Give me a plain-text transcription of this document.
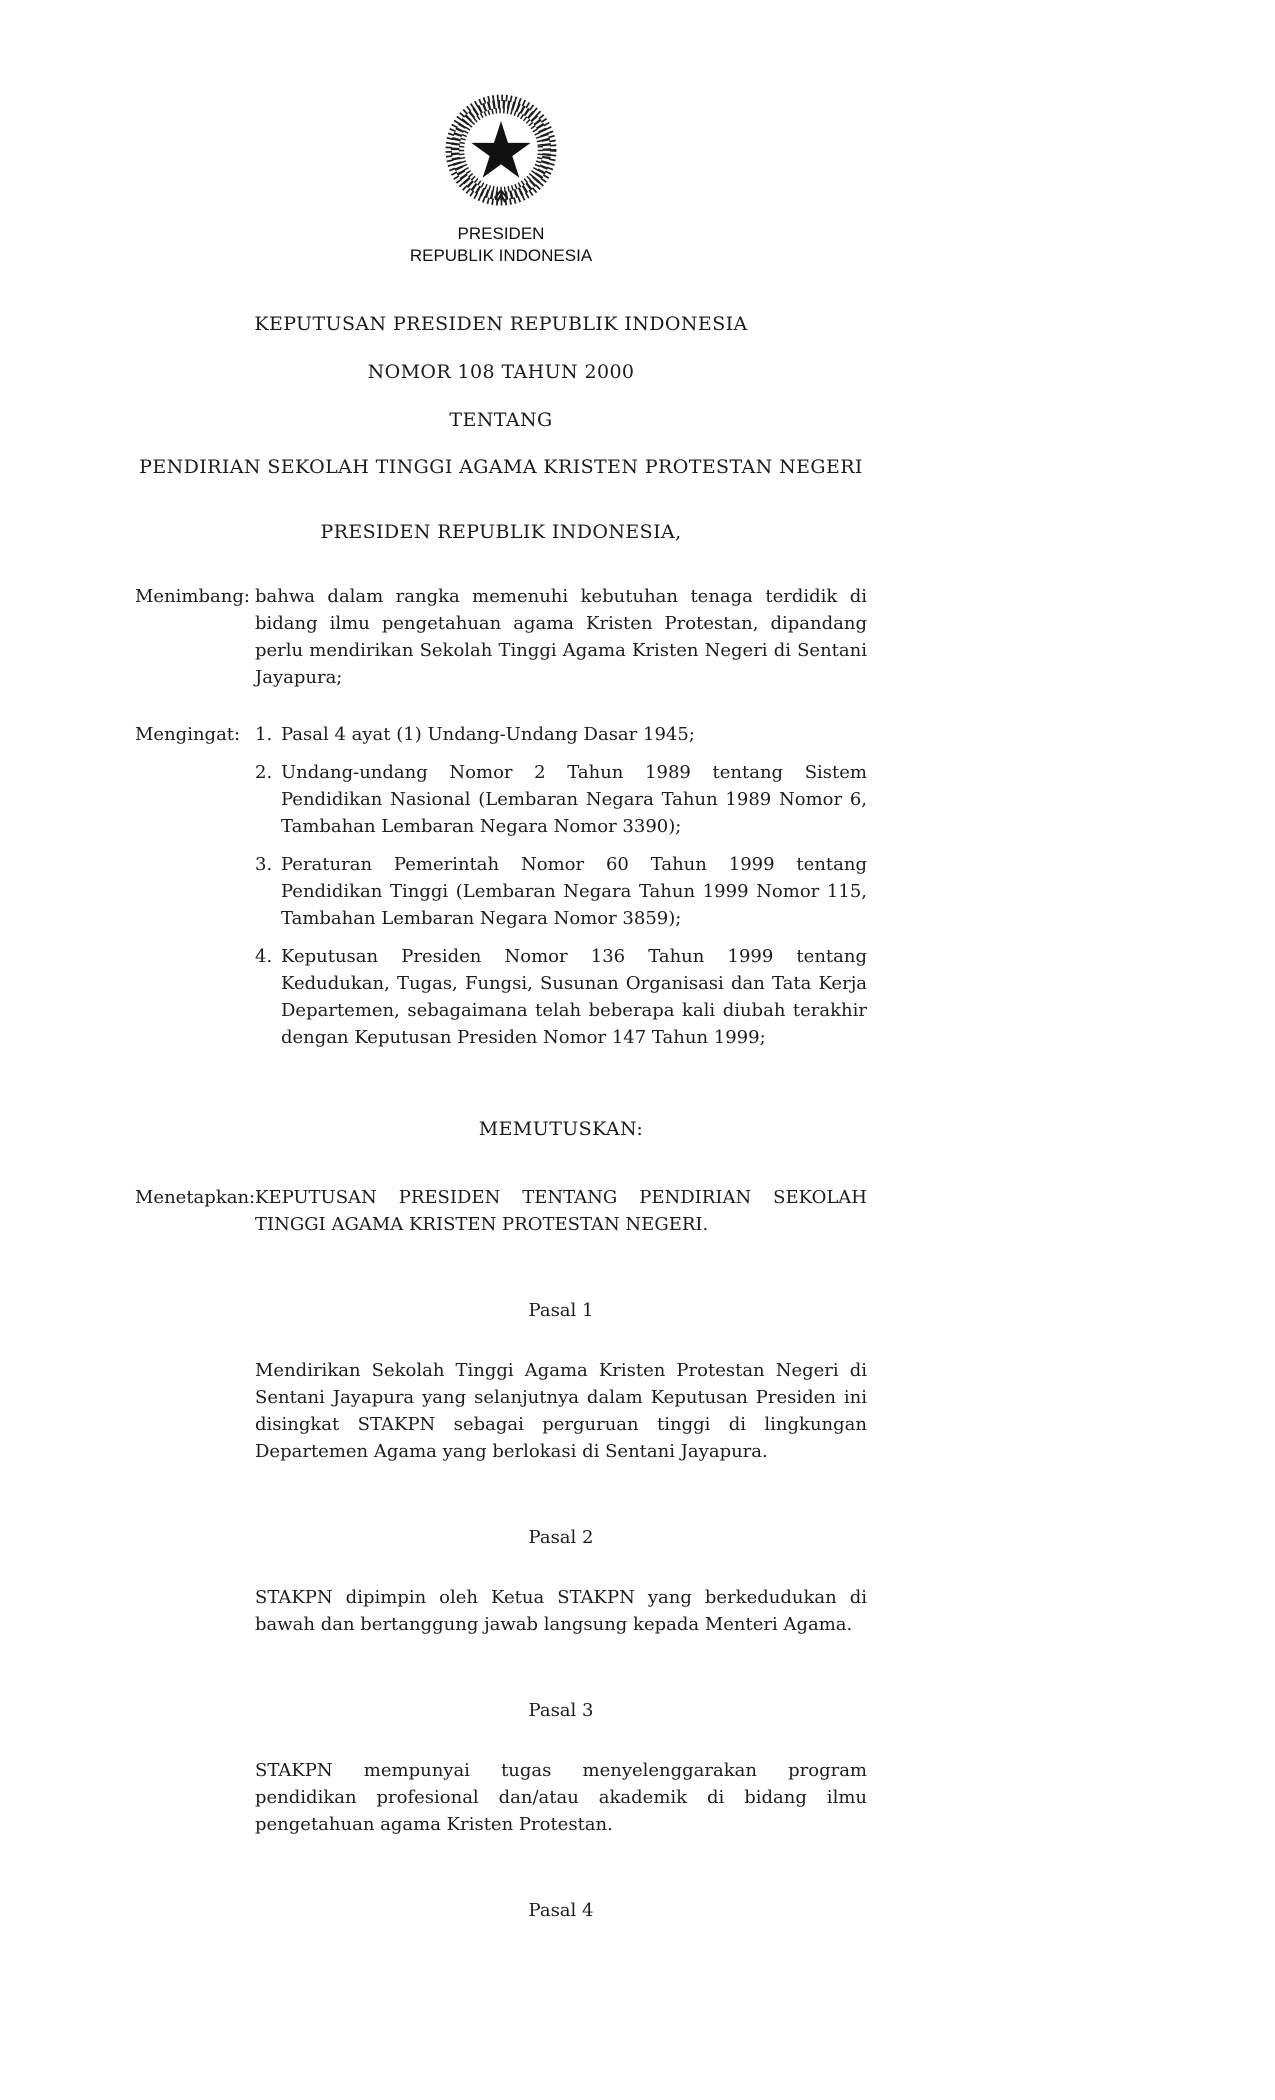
PRESIDEN
REPUBLIK INDONESIA

KEPUTUSAN PRESIDEN REPUBLIK INDONESIA

NOMOR 108 TAHUN 2000

TENTANG

PENDIRIAN SEKOLAH TINGGI AGAMA KRISTEN PROTESTAN NEGERI

PRESIDEN REPUBLIK INDONESIA,

Menimbang : bahwa dalam rangka memenuhi kebutuhan tenaga terdidik di bidang ilmu pengetahuan agama Kristen Protestan, dipandang perlu mendirikan Sekolah Tinggi Agama Kristen Negeri di Sentani Jayapura;
Mengingat :	Pasal 4 ayat (1) Undang-Undang Dasar 1945;
Undang-undang Nomor 2 Tahun 1989 tentang Sistem Pendidikan Nasional (Lembaran Negara Tahun 1989 Nomor 6, Tambahan Lembaran Negara Nomor 3390);
Peraturan Pemerintah Nomor 60 Tahun 1999 tentang Pendidikan Tinggi (Lembaran Negara Tahun 1999 Nomor 115, Tambahan Lembaran Negara Nomor 3859);
Keputusan Presiden Nomor 136 Tahun 1999 tentang Kedudukan, Tugas, Fungsi, Susunan Organisasi dan Tata Kerja Departemen, sebagaimana telah beberapa kali diubah terakhir dengan Keputusan Presiden Nomor 147 Tahun 1999;

MEMUTUSKAN:

Menetapkan : KEPUTUSAN PRESIDEN TENTANG PENDIRIAN SEKOLAH TINGGI AGAMA KRISTEN PROTESTAN NEGERI.

Pasal 1

Mendirikan Sekolah Tinggi Agama Kristen Protestan Negeri di Sentani Jayapura yang selanjutnya dalam Keputusan Presiden ini disingkat STAKPN sebagai perguruan tinggi di lingkungan Departemen Agama yang berlokasi di Sentani Jayapura.

Pasal 2

STAKPN dipimpin oleh Ketua STAKPN yang berkedudukan di bawah dan bertanggung jawab langsung kepada Menteri Agama.

Pasal 3

STAKPN mempunyai tugas menyelenggarakan program pendidikan profesional dan/atau akademik di bidang ilmu pengetahuan agama Kristen Protestan.

Pasal 4
